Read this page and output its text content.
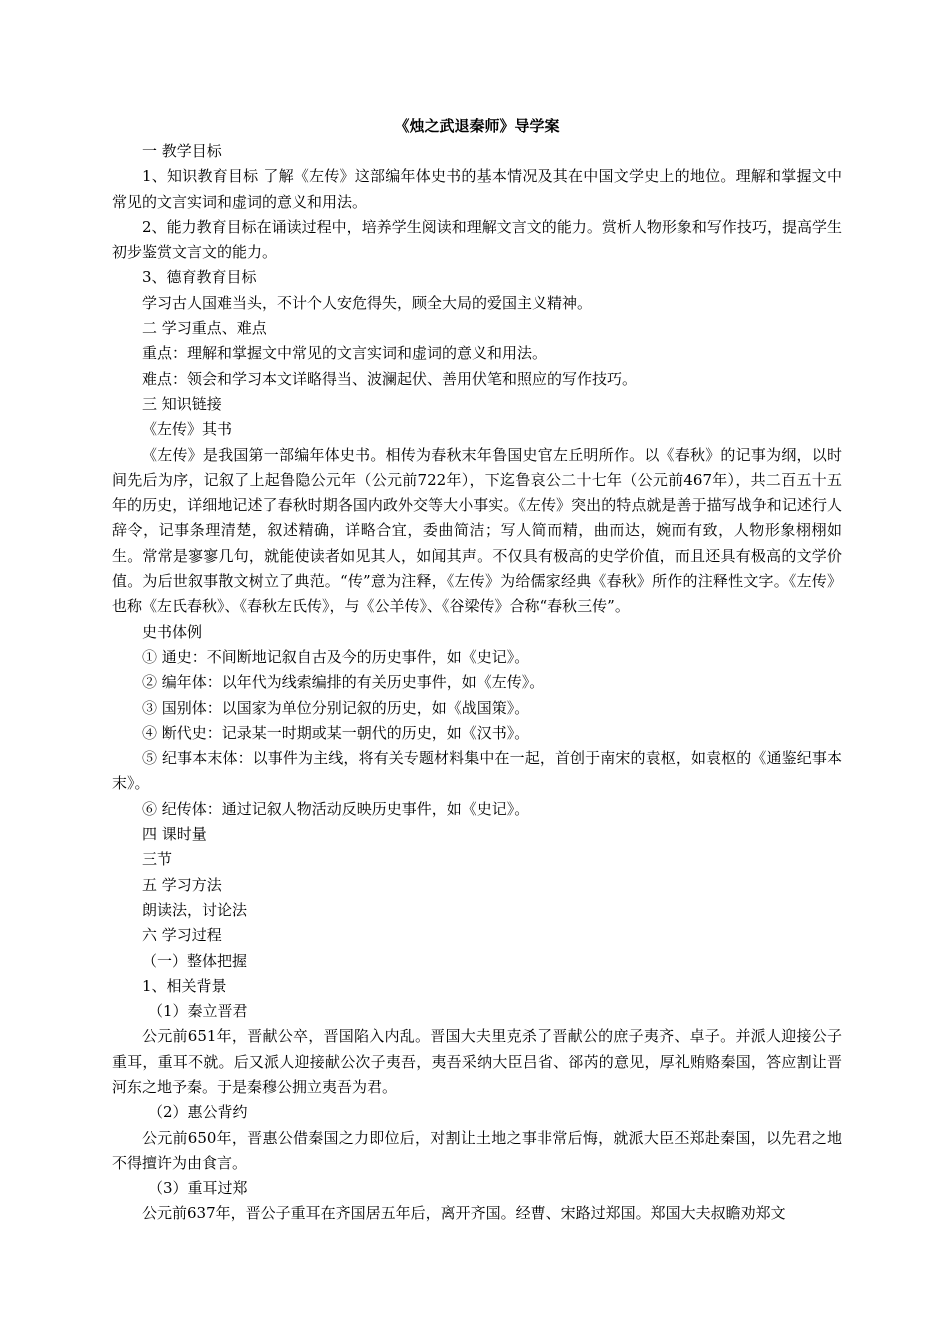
《烛之武退秦师》导学案

一 教学目标

1、知识教育目标 了解《左传》这部编年体史书的基本情况及其在中国文学史上的地位。理解和掌握文中常见的文言实词和虚词的意义和用法。

2、能力教育目标在诵读过程中，培养学生阅读和理解文言文的能力。赏析人物形象和写作技巧，提高学生初步鉴赏文言文的能力。

3、德育教育目标

学习古人国难当头，不计个人安危得失，顾全大局的爱国主义精神。

二 学习重点、难点

重点：理解和掌握文中常见的文言实词和虚词的意义和用法。

难点：领会和学习本文详略得当、波澜起伏、善用伏笔和照应的写作技巧。

三 知识链接

《左传》其书

《左传》是我国第一部编年体史书。相传为春秋末年鲁国史官左丘明所作。以《春秋》的记事为纲，以时间先后为序，记叙了上起鲁隐公元年（公元前722年），下迄鲁哀公二十七年（公元前467年），共二百五十五年的历史，详细地记述了春秋时期各国内政外交等大小事实。《左传》突出的特点就是善于描写战争和记述行人辞令，记事条理清楚，叙述精确，详略合宜，委曲简洁；写人简而精，曲而达，婉而有致，人物形象栩栩如生。常常是寥寥几句，就能使读者如见其人，如闻其声。不仅具有极高的史学价值，而且还具有极高的文学价值。为后世叙事散文树立了典范。“传”意为注释，《左传》为给儒家经典《春秋》所作的注释性文字。《左传》也称《左氏春秋》、《春秋左氏传》，与《公羊传》、《谷梁传》合称“春秋三传”。

史书体例

① 通史：不间断地记叙自古及今的历史事件，如《史记》。

② 编年体：以年代为线索编排的有关历史事件，如《左传》。

③ 国别体：以国家为单位分别记叙的历史，如《战国策》。

④ 断代史：记录某一时期或某一朝代的历史，如《汉书》。

⑤ 纪事本末体：以事件为主线，将有关专题材料集中在一起，首创于南宋的袁枢，如袁枢的《通鉴纪事本末》。

⑥ 纪传体：通过记叙人物活动反映历史事件，如《史记》。

四 课时量

三节

五 学习方法

朗读法，讨论法

六 学习过程

（一）整体把握

1、相关背景

（1）秦立晋君

公元前651年，晋献公卒，晋国陷入内乱。晋国大夫里克杀了晋献公的庶子夷齐、卓子。并派人迎接公子重耳，重耳不就。后又派人迎接献公次子夷吾，夷吾采纳大臣吕省、郤芮的意见，厚礼贿赂秦国，答应割让晋河东之地予秦。于是秦穆公拥立夷吾为君。

（2）惠公背约

公元前650年，晋惠公借秦国之力即位后，对割让土地之事非常后悔，就派大臣丕郑赴秦国，以先君之地不得擅许为由食言。

（3）重耳过郑

公元前637年，晋公子重耳在齐国居五年后，离开齐国。经曹、宋路过郑国。郑国大夫叔瞻劝郑文
